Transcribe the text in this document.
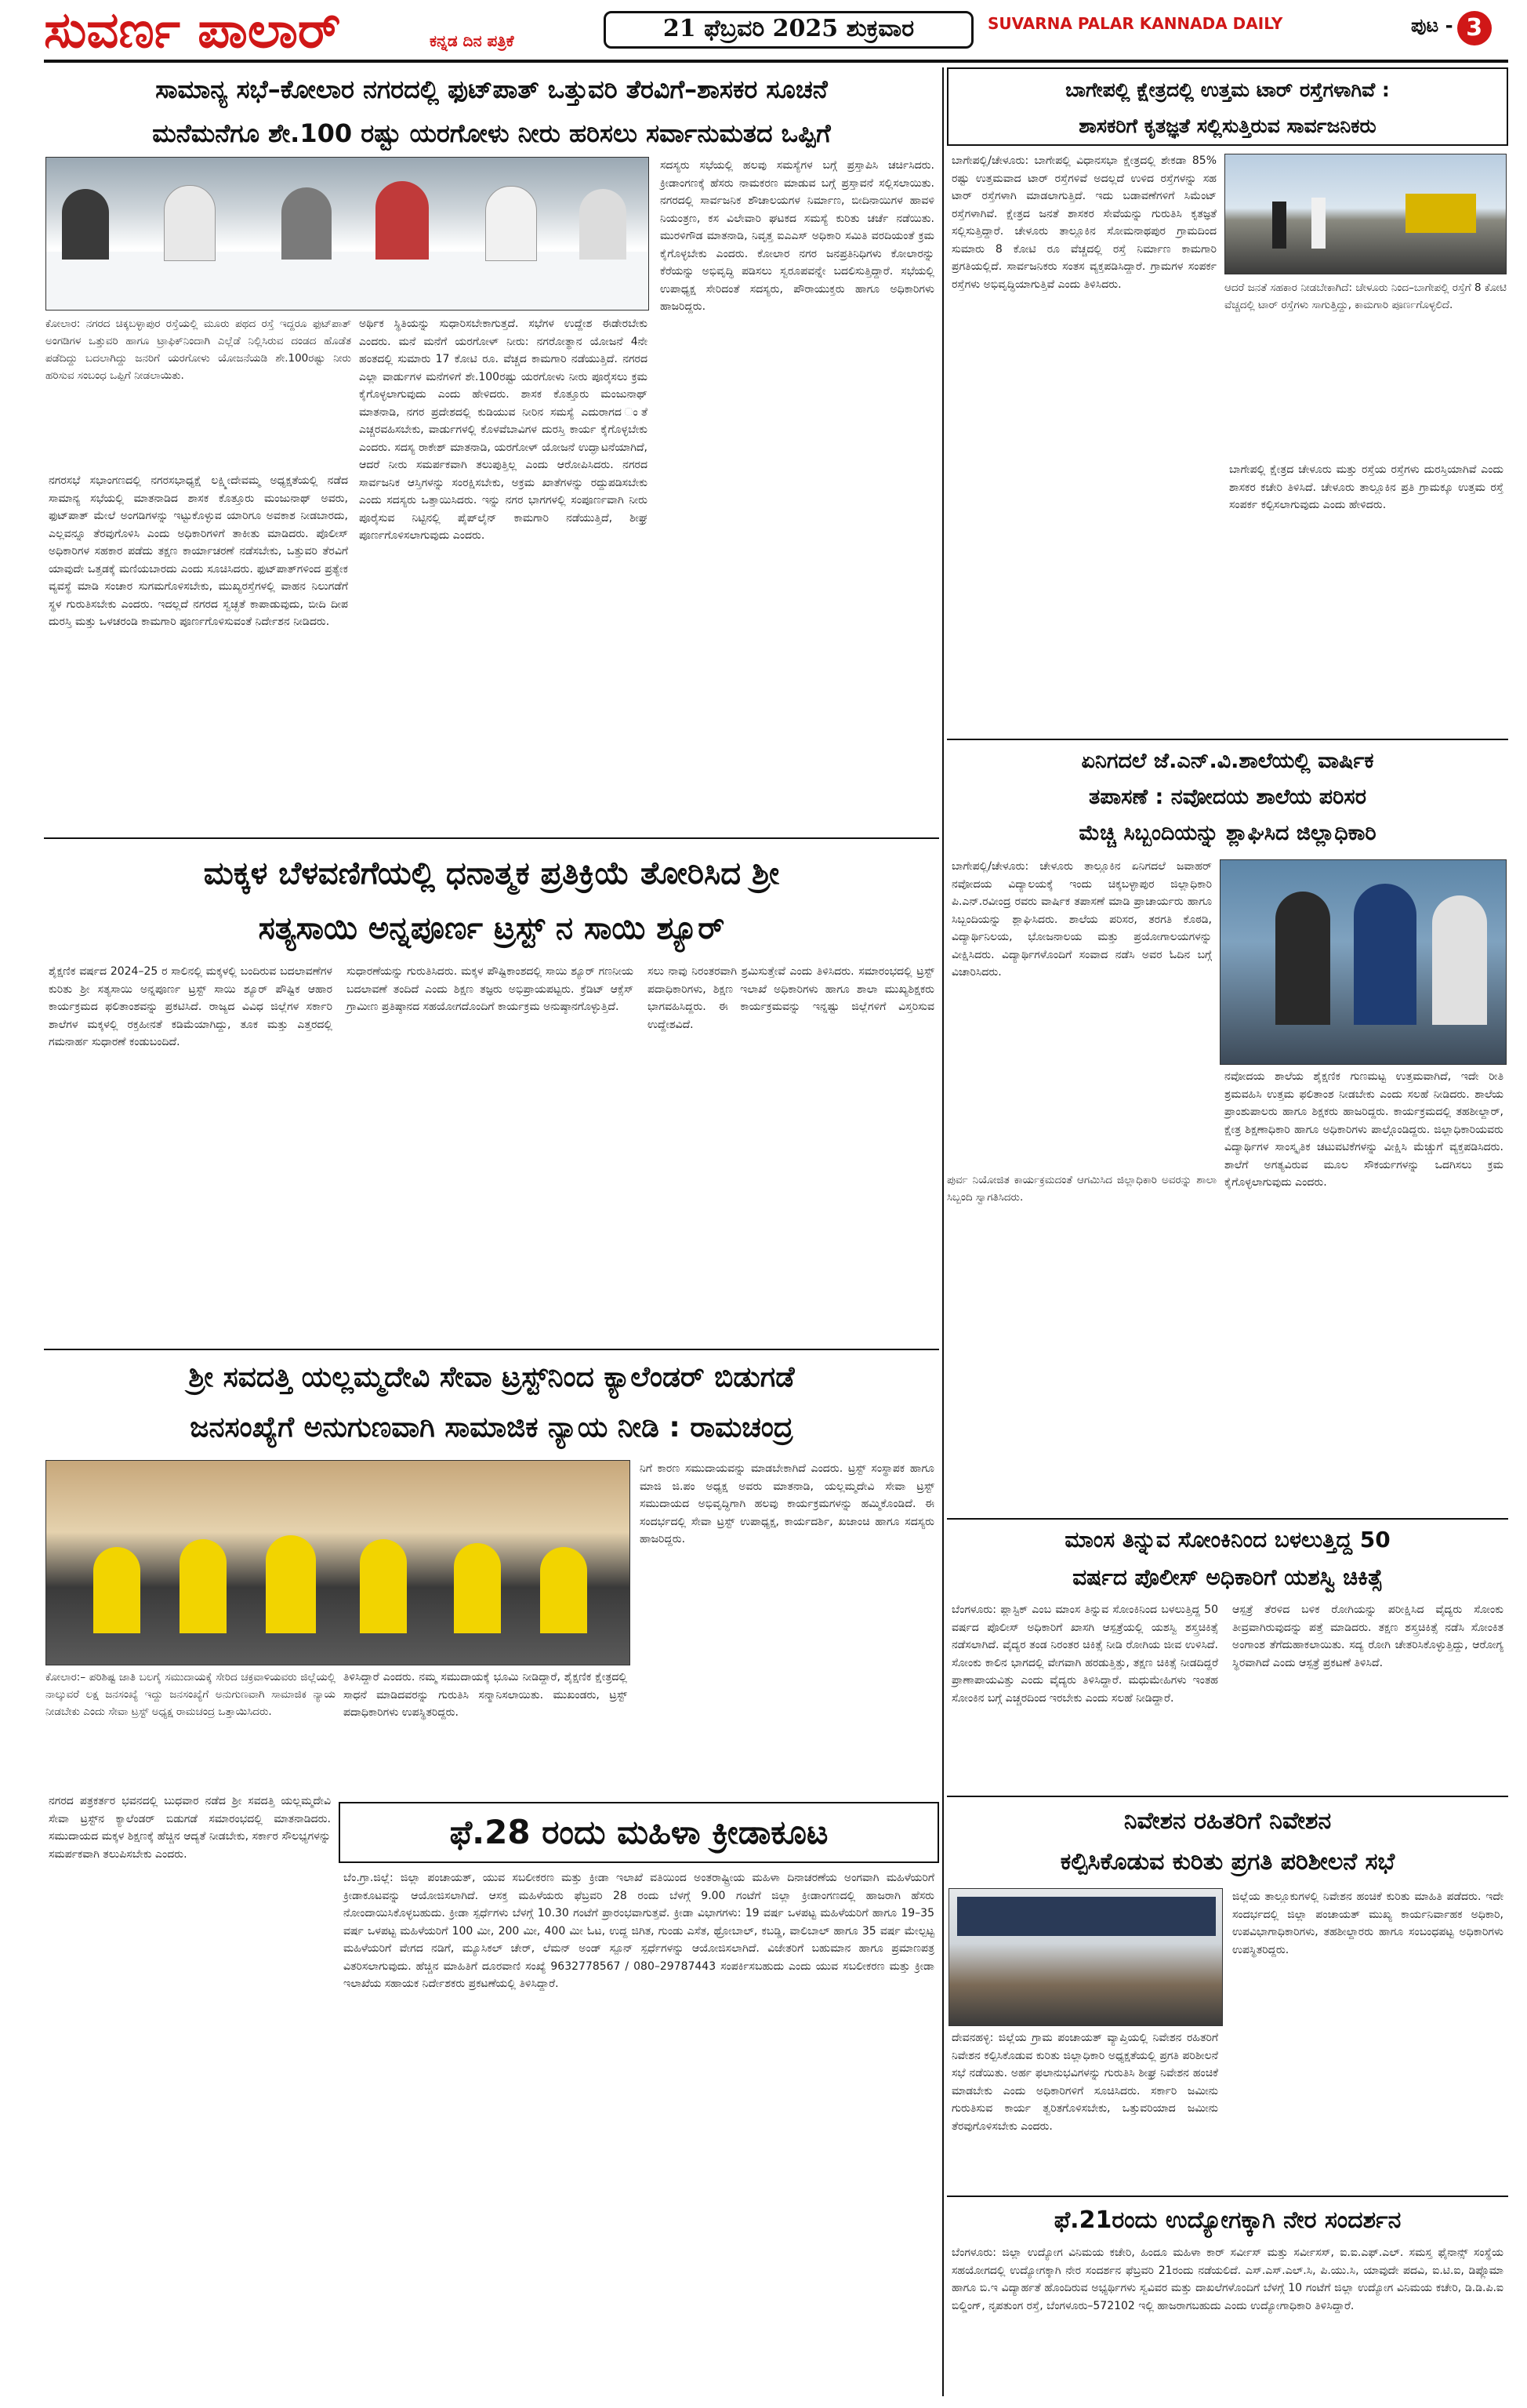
ಸುವರ್ಣ ಪಾಲಾರ್	ಕನ್ನಡ ದಿನ ಪತ್ರಿಕೆ	21 ಫೆಬ್ರವರಿ 2025 ಶುಕ್ರವಾರ	SUVARNA PALAR KANNADA DAILY	ಪುಟ - 3
ಸಾಮಾನ್ಯ ಸಭೆ–ಕೋಲಾರ ನಗರದಲ್ಲಿ ಫುಟ್‌ಪಾತ್ ಒತ್ತುವರಿ ತೆರವಿಗೆ–ಶಾಸಕರ ಸೂಚನೆ
ಮನೆಮನೆಗೂ ಶೇ.100 ರಷ್ಟು ಯರಗೋಳು ನೀರು ಹರಿಸಲು ಸರ್ವಾನುಮತದ ಒಪ್ಪಿಗೆ
ಸದಸ್ಯರು ಸಭೆಯಲ್ಲಿ ಹಲವು ಸಮಸ್ಯೆಗಳ ಬಗ್ಗೆ ಪ್ರಸ್ತಾಪಿಸಿ ಚರ್ಚಿಸಿದರು. ಕ್ರೀಡಾಂಗಣಕ್ಕೆ ಹೆಸರು ನಾಮಕರಣ ಮಾಡುವ ಬಗ್ಗೆ ಪ್ರಸ್ತಾವನೆ ಸಲ್ಲಿಸಲಾಯಿತು. ನಗರದಲ್ಲಿ ಸಾರ್ವಜನಿಕ ಶೌಚಾಲಯಗಳ ನಿರ್ಮಾಣ, ಬೀದಿನಾಯಿಗಳ ಹಾವಳಿ ನಿಯಂತ್ರಣ, ಕಸ ವಿಲೇವಾರಿ ಘಟಕದ ಸಮಸ್ಯೆ ಕುರಿತು ಚರ್ಚೆ ನಡೆಯಿತು. ಮುರಳಿಗೌಡ ಮಾತನಾಡಿ, ನಿವೃತ್ತ ಐಎಎಸ್ ಅಧಿಕಾರಿ ಸಮಿತಿ ವರದಿಯಂತೆ ಕ್ರಮ ಕೈಗೊಳ್ಳಬೇಕು ಎಂದರು. ಕೋಲಾರ ನಗರ ಜನಪ್ರತಿನಿಧಿಗಳು ಕೋಲಾರನ್ನು ಕೆರೆಯನ್ನು ಅಭಿವೃದ್ಧಿ ಪಡಿಸಲು ಸ್ವರೂಪವನ್ನೇ ಬದಲಿಸುತ್ತಿದ್ದಾರೆ. ಸಭೆಯಲ್ಲಿ ಉಪಾಧ್ಯಕ್ಷ ಸೇರಿದಂತೆ ಸದಸ್ಯರು, ಪೌರಾಯುಕ್ತರು ಹಾಗೂ ಅಧಿಕಾರಿಗಳು ಹಾಜರಿದ್ದರು.
ಕೋಲಾರ: ನಗರದ ಚಿಕ್ಕಬಳ್ಳಾಪುರ ರಸ್ತೆಯಲ್ಲಿ ಮೂರು ಪಥದ ರಸ್ತೆ ಇದ್ದರೂ ಫುಟ್‌ಪಾತ್ ಅಂಗಡಿಗಳ ಒತ್ತುವರಿ ಹಾಗೂ ಟ್ರಾಫಿಕ್‌ನಿಂದಾಗಿ ಎಲ್ಲೆಡೆ ನಿಲ್ಲಿಸಿರುವ ದಂಡದ ಹೊಡೆತ ಪಡೆದಿದ್ದು ಬದಲಾಗಿದ್ದು ಜನರಿಗೆ ಯರಗೋಳು ಯೋಜನೆಯಡಿ ಶೇ.100ರಷ್ಟು ನೀರು ಹರಿಸುವ ಸಂಬಂಧ ಒಪ್ಪಿಗೆ ನೀಡಲಾಯಿತು.
ನಗರಸಭೆ ಸಭಾಂಗಣದಲ್ಲಿ ನಗರಸಭಾಧ್ಯಕ್ಷೆ ಲಕ್ಷ್ಮೀದೇವಮ್ಮ ಅಧ್ಯಕ್ಷತೆಯಲ್ಲಿ ನಡೆದ ಸಾಮಾನ್ಯ ಸಭೆಯಲ್ಲಿ ಮಾತನಾಡಿದ ಶಾಸಕ ಕೊತ್ತೂರು ಮಂಜುನಾಥ್ ಅವರು, ಫುಟ್‌ಪಾತ್ ಮೇಲೆ ಅಂಗಡಿಗಳನ್ನು ಇಟ್ಟುಕೊಳ್ಳುವ ಯಾರಿಗೂ ಅವಕಾಶ ನೀಡಬಾರದು, ಎಲ್ಲವನ್ನೂ ತೆರವುಗೊಳಿಸಿ ಎಂದು ಅಧಿಕಾರಿಗಳಿಗೆ ತಾಕೀತು ಮಾಡಿದರು. ಪೊಲೀಸ್ ಅಧಿಕಾರಿಗಳ ಸಹಕಾರ ಪಡೆದು ತಕ್ಷಣ ಕಾರ್ಯಾಚರಣೆ ನಡೆಸಬೇಕು, ಒತ್ತುವರಿ ತೆರವಿಗೆ ಯಾವುದೇ ಒತ್ತಡಕ್ಕೆ ಮಣಿಯಬಾರದು ಎಂದು ಸೂಚಿಸಿದರು. ಫುಟ್‌ಪಾತ್‌ಗಳಿಂದ ಪ್ರತ್ಯೇಕ ವ್ಯವಸ್ಥೆ ಮಾಡಿ ಸಂಚಾರ ಸುಗಮಗೊಳಿಸಬೇಕು, ಮುಖ್ಯರಸ್ತೆಗಳಲ್ಲಿ ವಾಹನ ನಿಲುಗಡೆಗೆ ಸ್ಥಳ ಗುರುತಿಸಬೇಕು ಎಂದರು. ಇದಲ್ಲದೆ ನಗರದ ಸ್ವಚ್ಛತೆ ಕಾಪಾಡುವುದು, ಬೀದಿ ದೀಪ ದುರಸ್ತಿ ಮತ್ತು ಒಳಚರಂಡಿ ಕಾಮಗಾರಿ ಪೂರ್ಣಗೊಳಿಸುವಂತೆ ನಿರ್ದೇಶನ ನೀಡಿದರು.
ಅರ್ಥಿಕ ಸ್ಥಿತಿಯನ್ನು ಸುಧಾರಿಸಬೇಕಾಗುತ್ತದೆ. ಸಭೆಗಳ ಉದ್ದೇಶ ಈಡೇರಬೇಕು ಎಂದರು. ಮನೆ ಮನೆಗೆ ಯರಗೋಳ್ ನೀರು: ನಗರೋತ್ಥಾನ ಯೋಜನೆ 4ನೇ ಹಂತದಲ್ಲಿ ಸುಮಾರು 17 ಕೋಟಿ ರೂ. ವೆಚ್ಚದ ಕಾಮಗಾರಿ ನಡೆಯುತ್ತಿದೆ. ನಗರದ ಎಲ್ಲಾ ವಾರ್ಡುಗಳ ಮನೆಗಳಿಗೆ ಶೇ.100ರಷ್ಟು ಯರಗೋಳು ನೀರು ಪೂರೈಸಲು ಕ್ರಮ ಕೈಗೊಳ್ಳಲಾಗುವುದು ಎಂದು ಹೇಳಿದರು. ಶಾಸಕ ಕೊತ್ತೂರು ಮಂಜುನಾಥ್ ಮಾತನಾಡಿ, ನಗರ ಪ್ರದೇಶದಲ್ಲಿ ಕುಡಿಯುವ ನೀರಿನ ಸಮಸ್ಯೆ ಎದುರಾಗದ ಂತೆ ಎಚ್ಚರವಹಿಸಬೇಕು, ವಾರ್ಡುಗಳಲ್ಲಿ ಕೊಳವೆಬಾವಿಗಳ ದುರಸ್ತಿ ಕಾರ್ಯ ಕೈಗೊಳ್ಳಬೇಕು ಎಂದರು. ಸದಸ್ಯ ರಾಕೇಶ್ ಮಾತನಾಡಿ, ಯರಗೋಳ್ ಯೋಜನೆ ಉದ್ಘಾಟನೆಯಾಗಿದೆ, ಆದರೆ ನೀರು ಸಮರ್ಪಕವಾಗಿ ತಲುಪುತ್ತಿಲ್ಲ ಎಂದು ಆರೋಪಿಸಿದರು. ನಗರದ ಸಾರ್ವಜನಿಕ ಆಸ್ತಿಗಳನ್ನು ಸಂರಕ್ಷಿಸಬೇಕು, ಅಕ್ರಮ ಖಾತೆಗಳನ್ನು ರದ್ದುಪಡಿಸಬೇಕು ಎಂದು ಸದಸ್ಯರು ಒತ್ತಾಯಿಸಿದರು. ಇನ್ನು ನಗರ ಭಾಗಗಳಲ್ಲಿ ಸಂಪೂರ್ಣವಾಗಿ ನೀರು ಪೂರೈಸುವ ನಿಟ್ಟಿನಲ್ಲಿ ಪೈಪ್‌ಲೈನ್ ಕಾಮಗಾರಿ ನಡೆಯುತ್ತಿದೆ, ಶೀಘ್ರ ಪೂರ್ಣಗೊಳಿಸಲಾಗುವುದು ಎಂದರು.
ಬಾಗೇಪಲ್ಲಿ ಕ್ಷೇತ್ರದಲ್ಲಿ ಉತ್ತಮ ಟಾರ್ ರಸ್ತೆಗಳಾಗಿವೆ :
ಶಾಸಕರಿಗೆ ಕೃತಜ್ಞತೆ ಸಲ್ಲಿಸುತ್ತಿರುವ ಸಾರ್ವಜನಿಕರು
ಬಾಗೇಪಲ್ಲಿ/ಚೇಳೂರು: ಬಾಗೇಪಲ್ಲಿ ವಿಧಾನಸಭಾ ಕ್ಷೇತ್ರದಲ್ಲಿ ಶೇಕಡಾ 85% ರಷ್ಟು ಉತ್ತಮವಾದ ಟಾರ್ ರಸ್ತೆಗಳಿವೆ ಅದಲ್ಲದೆ ಉಳಿದ ರಸ್ತೆಗಳನ್ನು ಸಹ ಟಾರ್ ರಸ್ತೆಗಳಾಗಿ ಮಾಡಲಾಗುತ್ತಿದೆ. ಇದು ಬಡಾವಣೆಗಳಿಗೆ ಸಿಮೆಂಟ್ ರಸ್ತೆಗಳಾಗಿವೆ. ಕ್ಷೇತ್ರದ ಜನತೆ ಶಾಸಕರ ಸೇವೆಯನ್ನು ಗುರುತಿಸಿ ಕೃತಜ್ಞತೆ ಸಲ್ಲಿಸುತ್ತಿದ್ದಾರೆ. ಚೇಳೂರು ತಾಲ್ಲೂಕಿನ ಸೋಮನಾಥಪುರ ಗ್ರಾಮದಿಂದ ಸುಮಾರು 8 ಕೋಟಿ ರೂ ವೆಚ್ಚದಲ್ಲಿ ರಸ್ತೆ ನಿರ್ಮಾಣ ಕಾಮಗಾರಿ ಪ್ರಗತಿಯಲ್ಲಿದೆ. ಸಾರ್ವಜನಿಕರು ಸಂತಸ ವ್ಯಕ್ತಪಡಿಸಿದ್ದಾರೆ. ಗ್ರಾಮಗಳ ಸಂಪರ್ಕ ರಸ್ತೆಗಳು ಅಭಿವೃದ್ಧಿಯಾಗುತ್ತಿವೆ ಎಂದು ತಿಳಿಸಿದರು.	ಆದರೆ ಜನತೆ ಸಹಕಾರ ನೀಡಬೇಕಾಗಿದೆ: ಚೇಳೂರು ನಿಂದ–ಬಾಗೇಪಲ್ಲಿ ರಸ್ತೆಗೆ 8 ಕೋಟಿ ವೆಚ್ಚದಲ್ಲಿ ಟಾರ್ ರಸ್ತೆಗಳು ಸಾಗುತ್ತಿದ್ದು, ಕಾಮಗಾರಿ ಪೂರ್ಣಗೊಳ್ಳಲಿದೆ.
ಬಾಗೇಪಲ್ಲಿ ಕ್ಷೇತ್ರದ ಚೇಳೂರು ಮತ್ತು ರಸ್ತೆಯ ರಸ್ತೆಗಳು ದುರಸ್ತಿಯಾಗಿವೆ ಎಂದು ಶಾಸಕರ ಕಚೇರಿ ತಿಳಿಸಿದೆ. ಚೇಳೂರು ತಾಲ್ಲೂಕಿನ ಪ್ರತಿ ಗ್ರಾಮಕ್ಕೂ ಉತ್ತಮ ರಸ್ತೆ ಸಂಪರ್ಕ ಕಲ್ಪಿಸಲಾಗುವುದು ಎಂದು ಹೇಳಿದರು.
ಏನಿಗದಲೆ ಜೆ.ಎನ್.ವಿ.ಶಾಲೆಯಲ್ಲಿ ವಾರ್ಷಿಕ
ತಪಾಸಣೆ : ನವೋದಯ ಶಾಲೆಯ ಪರಿಸರ
ಮೆಚ್ಚಿ ಸಿಬ್ಬಂದಿಯನ್ನು ಶ್ಲಾಘಿಸಿದ ಜಿಲ್ಲಾಧಿಕಾರಿ
ಬಾಗೇಪಲ್ಲಿ/ಚೇಳೂರು: ಚೇಳೂರು ತಾಲ್ಲೂಕಿನ ಏನಿಗದಲೆ ಜವಾಹರ್ ನವೋದಯ ವಿದ್ಯಾಲಯಕ್ಕೆ ಇಂದು ಚಿಕ್ಕಬಳ್ಳಾಪುರ ಜಿಲ್ಲಾಧಿಕಾರಿ ಪಿ.ಎನ್.ರವೀಂದ್ರ ರವರು ವಾರ್ಷಿಕ ತಪಾಸಣೆ ಮಾಡಿ ಪ್ರಾಚಾರ್ಯರು ಹಾಗೂ ಸಿಬ್ಬಂದಿಯನ್ನು ಶ್ಲಾಘಿಸಿದರು. ಶಾಲೆಯ ಪರಿಸರ, ತರಗತಿ ಕೊಠಡಿ, ವಿದ್ಯಾರ್ಥಿನಿಲಯ, ಭೋಜನಾಲಯ ಮತ್ತು ಪ್ರಯೋಗಾಲಯಗಳನ್ನು ವೀಕ್ಷಿಸಿದರು. ವಿದ್ಯಾರ್ಥಿಗಳೊಂದಿಗೆ ಸಂವಾದ ನಡೆಸಿ ಅವರ ಓದಿನ ಬಗ್ಗೆ ವಿಚಾರಿಸಿದರು.
ಪುರ್ವ ನಿಯೋಜಿತ ಕಾರ್ಯಕ್ರಮದಂತೆ ಆಗಮಿಸಿದ ಜಿಲ್ಲಾಧಿಕಾರಿ ಅವರನ್ನು ಶಾಲಾ ಸಿಬ್ಬಂದಿ ಸ್ವಾಗತಿಸಿದರು.
ನವೋದಯ ಶಾಲೆಯ ಶೈಕ್ಷಣಿಕ ಗುಣಮಟ್ಟ ಉತ್ತಮವಾಗಿದೆ, ಇದೇ ರೀತಿ ಶ್ರಮವಹಿಸಿ ಉತ್ತಮ ಫಲಿತಾಂಶ ನೀಡಬೇಕು ಎಂದು ಸಲಹೆ ನೀಡಿದರು. ಶಾಲೆಯ ಪ್ರಾಂಶುಪಾಲರು ಹಾಗೂ ಶಿಕ್ಷಕರು ಹಾಜರಿದ್ದರು. ಕಾರ್ಯಕ್ರಮದಲ್ಲಿ ತಹಶೀಲ್ದಾರ್, ಕ್ಷೇತ್ರ ಶಿಕ್ಷಣಾಧಿಕಾರಿ ಹಾಗೂ ಅಧಿಕಾರಿಗಳು ಪಾಲ್ಗೊಂಡಿದ್ದರು. ಜಿಲ್ಲಾಧಿಕಾರಿಯವರು ವಿದ್ಯಾರ್ಥಿಗಳ ಸಾಂಸ್ಕೃತಿಕ ಚಟುವಟಿಕೆಗಳನ್ನು ವೀಕ್ಷಿಸಿ ಮೆಚ್ಚುಗೆ ವ್ಯಕ್ತಪಡಿಸಿದರು. ಶಾಲೆಗೆ ಅಗತ್ಯವಿರುವ ಮೂಲ ಸೌಕರ್ಯಗಳನ್ನು ಒದಗಿಸಲು ಕ್ರಮ ಕೈಗೊಳ್ಳಲಾಗುವುದು ಎಂದರು.
ಮಕ್ಕಳ ಬೆಳವಣಿಗೆಯಲ್ಲಿ ಧನಾತ್ಮಕ ಪ್ರತಿಕ್ರಿಯೆ ತೋರಿಸಿದ ಶ್ರೀ
ಸತ್ಯಸಾಯಿ ಅನ್ನಪೂರ್ಣ ಟ್ರಸ್ಟ್ ನ ಸಾಯಿ ಶ್ಯೂರ್
ಶೈಕ್ಷಣಿಕ ವರ್ಷದ 2024–25 ರ ಸಾಲಿನಲ್ಲಿ ಮಕ್ಕಳಲ್ಲಿ ಬಂದಿರುವ ಬದಲಾವಣೆಗಳ ಕುರಿತು ಶ್ರೀ ಸತ್ಯಸಾಯಿ ಅನ್ನಪೂರ್ಣ ಟ್ರಸ್ಟ್ ಸಾಯಿ ಶ್ಯೂರ್ ಪೌಷ್ಟಿಕ ಆಹಾರ ಕಾರ್ಯಕ್ರಮದ ಫಲಿತಾಂಶವನ್ನು ಪ್ರಕಟಿಸಿದೆ. ರಾಜ್ಯದ ವಿವಿಧ ಜಿಲ್ಲೆಗಳ ಸರ್ಕಾರಿ ಶಾಲೆಗಳ ಮಕ್ಕಳಲ್ಲಿ ರಕ್ತಹೀನತೆ ಕಡಿಮೆಯಾಗಿದ್ದು, ತೂಕ ಮತ್ತು ಎತ್ತರದಲ್ಲಿ ಗಮನಾರ್ಹ ಸುಧಾರಣೆ ಕಂಡುಬಂದಿದೆ.
ಸುಧಾರಣೆಯನ್ನು ಗುರುತಿಸಿದರು. ಮಕ್ಕಳ ಪೌಷ್ಟಿಕಾಂಶದಲ್ಲಿ ಸಾಯಿ ಶ್ಯೂರ್ ಗಣನೀಯ ಬದಲಾವಣೆ ತಂದಿದೆ ಎಂದು ಶಿಕ್ಷಣ ತಜ್ಞರು ಅಭಿಪ್ರಾಯಪಟ್ಟರು. ಕ್ರೆಡಿಟ್ ಆಕ್ಸೆಸ್ ಗ್ರಾಮೀಣ ಪ್ರತಿಷ್ಠಾನದ ಸಹಯೋಗದೊಂದಿಗೆ ಕಾರ್ಯಕ್ರಮ ಅನುಷ್ಠಾನಗೊಳ್ಳುತ್ತಿದೆ.
ಸಲು ನಾವು ನಿರಂತರವಾಗಿ ಶ್ರಮಿಸುತ್ತೇವೆ ಎಂದು ತಿಳಿಸಿದರು. ಸಮಾರಂಭದಲ್ಲಿ ಟ್ರಸ್ಟ್ ಪದಾಧಿಕಾರಿಗಳು, ಶಿಕ್ಷಣ ಇಲಾಖೆ ಅಧಿಕಾರಿಗಳು ಹಾಗೂ ಶಾಲಾ ಮುಖ್ಯಶಿಕ್ಷಕರು ಭಾಗವಹಿಸಿದ್ದರು. ಈ ಕಾರ್ಯಕ್ರಮವನ್ನು ಇನ್ನಷ್ಟು ಜಿಲ್ಲೆಗಳಿಗೆ ವಿಸ್ತರಿಸುವ ಉದ್ದೇಶವಿದೆ.
ಶ್ರೀ ಸವದತ್ತಿ ಯಲ್ಲಮ್ಮದೇವಿ ಸೇವಾ ಟ್ರಸ್ಟ್‌ನಿಂದ ಕ್ಯಾಲೆಂಡರ್ ಬಿಡುಗಡೆ
ಜನಸಂಖ್ಯೆಗೆ ಅನುಗುಣವಾಗಿ ಸಾಮಾಜಿಕ ನ್ಯಾಯ ನೀಡಿ : ರಾಮಚಂದ್ರ
ನಿಗೆ ಕಾರಣ ಸಮುದಾಯವನ್ನು ಮಾಡಬೇಕಾಗಿದೆ ಎಂದರು. ಟ್ರಸ್ಟ್ ಸಂಸ್ಥಾಪಕ ಹಾಗೂ ಮಾಜಿ ಜಿ.ಪಂ ಅಧ್ಯಕ್ಷ ಅವರು ಮಾತನಾಡಿ, ಯಲ್ಲಮ್ಮದೇವಿ ಸೇವಾ ಟ್ರಸ್ಟ್ ಸಮುದಾಯದ ಅಭಿವೃದ್ಧಿಗಾಗಿ ಹಲವು ಕಾರ್ಯಕ್ರಮಗಳನ್ನು ಹಮ್ಮಿಕೊಂಡಿದೆ. ಈ ಸಂದರ್ಭದಲ್ಲಿ ಸೇವಾ ಟ್ರಸ್ಟ್ ಉಪಾಧ್ಯಕ್ಷ, ಕಾರ್ಯದರ್ಶಿ, ಖಜಾಂಚಿ ಹಾಗೂ ಸದಸ್ಯರು ಹಾಜರಿದ್ದರು.
ಕೋಲಾರ:– ಪರಿಶಿಷ್ಟ ಜಾತಿ ಬಲಗೈ ಸಮುದಾಯಕ್ಕೆ ಸೇರಿದ ಚಕ್ರವಾಳಿಯವರು ಜಿಲ್ಲೆಯಲ್ಲಿ ನಾಲ್ಕುವರೆ ಲಕ್ಷ ಜನಸಂಖ್ಯೆ ಇದ್ದು ಜನಸಂಖ್ಯೆಗೆ ಅನುಗುಣವಾಗಿ ಸಾಮಾಜಿಕ ನ್ಯಾಯ ನೀಡಬೇಕು ಎಂದು ಸೇವಾ ಟ್ರಸ್ಟ್ ಅಧ್ಯಕ್ಷ ರಾಮಚಂದ್ರ ಒತ್ತಾಯಿಸಿದರು.
ತಿಳಿಸಿದ್ದಾರೆ ಎಂದರು. ನಮ್ಮ ಸಮುದಾಯಕ್ಕೆ ಭೂಮಿ ನೀಡಿದ್ದಾರೆ, ಶೈಕ್ಷಣಿಕ ಕ್ಷೇತ್ರದಲ್ಲಿ ಸಾಧನೆ ಮಾಡಿದವರನ್ನು ಗುರುತಿಸಿ ಸನ್ಮಾನಿಸಲಾಯಿತು. ಮುಖಂಡರು, ಟ್ರಸ್ಟ್ ಪದಾಧಿಕಾರಿಗಳು ಉಪಸ್ಥಿತರಿದ್ದರು.
ನಗರದ ಪತ್ರಕರ್ತರ ಭವನದಲ್ಲಿ ಬುಧವಾರ ನಡೆದ ಶ್ರೀ ಸವದತ್ತಿ ಯಲ್ಲಮ್ಮದೇವಿ ಸೇವಾ ಟ್ರಸ್ಟ್‌ನ ಕ್ಯಾಲೆಂಡರ್ ಬಿಡುಗಡೆ ಸಮಾರಂಭದಲ್ಲಿ ಮಾತನಾಡಿದರು. ಸಮುದಾಯದ ಮಕ್ಕಳ ಶಿಕ್ಷಣಕ್ಕೆ ಹೆಚ್ಚಿನ ಆದ್ಯತೆ ನೀಡಬೇಕು, ಸರ್ಕಾರ ಸೌಲಭ್ಯಗಳನ್ನು ಸಮರ್ಪಕವಾಗಿ ತಲುಪಿಸಬೇಕು ಎಂದರು.
ಫೆ.28 ರಂದು ಮಹಿಳಾ ಕ್ರೀಡಾಕೂಟ
ಬೆಂ.ಗ್ರಾ.ಜಿಲ್ಲೆ: ಜಿಲ್ಲಾ ಪಂಚಾಯತ್, ಯುವ ಸಬಲೀಕರಣ ಮತ್ತು ಕ್ರೀಡಾ ಇಲಾಖೆ ವತಿಯಿಂದ ಅಂತರಾಷ್ಟ್ರೀಯ ಮಹಿಳಾ ದಿನಾಚರಣೆಯ ಅಂಗವಾಗಿ ಮಹಿಳೆಯರಿಗೆ ಕ್ರೀಡಾಕೂಟವನ್ನು ಆಯೋಜಿಸಲಾಗಿದೆ. ಆಸಕ್ತ ಮಹಿಳೆಯರು ಫೆಬ್ರವರಿ 28 ರಂದು ಬೆಳಗ್ಗೆ 9.00 ಗಂಟೆಗೆ ಜಿಲ್ಲಾ ಕ್ರೀಡಾಂಗಣದಲ್ಲಿ ಹಾಜರಾಗಿ ಹೆಸರು ನೋಂದಾಯಿಸಿಕೊಳ್ಳಬಹುದು. ಕ್ರೀಡಾ ಸ್ಪರ್ಧೆಗಳು ಬೆಳಗ್ಗೆ 10.30 ಗಂಟೆಗೆ ಪ್ರಾರಂಭವಾಗುತ್ತವೆ. ಕ್ರೀಡಾ ವಿಭಾಗಗಳು: 19 ವರ್ಷ ಒಳಪಟ್ಟ ಮಹಿಳೆಯರಿಗೆ ಹಾಗೂ 19–35 ವರ್ಷ ಒಳಪಟ್ಟ ಮಹಿಳೆಯರಿಗೆ 100 ಮೀ, 200 ಮೀ, 400 ಮೀ ಓಟ, ಉದ್ದ ಜಿಗಿತ, ಗುಂಡು ಎಸೆತ, ಥ್ರೋಬಾಲ್, ಕಬಡ್ಡಿ, ವಾಲಿಬಾಲ್ ಹಾಗೂ 35 ವರ್ಷ ಮೇಲ್ಪಟ್ಟ ಮಹಿಳೆಯರಿಗೆ ವೇಗದ ನಡಿಗೆ, ಮ್ಯೂಸಿಕಲ್ ಚೇರ್, ಲೆಮನ್ ಅಂಡ್ ಸ್ಪೂನ್ ಸ್ಪರ್ಧೆಗಳನ್ನು ಆಯೋಜಿಸಲಾಗಿದೆ. ವಿಜೇತರಿಗೆ ಬಹುಮಾನ ಹಾಗೂ ಪ್ರಮಾಣಪತ್ರ ವಿತರಿಸಲಾಗುವುದು. ಹೆಚ್ಚಿನ ಮಾಹಿತಿಗೆ ದೂರವಾಣಿ ಸಂಖ್ಯೆ 9632778567 / 080–29787443 ಸಂಪರ್ಕಿಸಬಹುದು ಎಂದು ಯುವ ಸಬಲೀಕರಣ ಮತ್ತು ಕ್ರೀಡಾ ಇಲಾಖೆಯ ಸಹಾಯಕ ನಿರ್ದೇಶಕರು ಪ್ರಕಟಣೆಯಲ್ಲಿ ತಿಳಿಸಿದ್ದಾರೆ.
ನಿವೇಶನ ರಹಿತರಿಗೆ ನಿವೇಶನ
ಕಲ್ಪಿಸಿಕೊಡುವ ಕುರಿತು ಪ್ರಗತಿ ಪರಿಶೀಲನೆ ಸಭೆ
ಜಿಲ್ಲೆಯ ತಾಲ್ಲೂಕುಗಳಲ್ಲಿ ನಿವೇಶನ ಹಂಚಿಕೆ ಕುರಿತು ಮಾಹಿತಿ ಪಡೆದರು. ಇದೇ ಸಂದರ್ಭದಲ್ಲಿ ಜಿಲ್ಲಾ ಪಂಚಾಯತ್ ಮುಖ್ಯ ಕಾರ್ಯನಿರ್ವಾಹಕ ಅಧಿಕಾರಿ, ಉಪವಿಭಾಗಾಧಿಕಾರಿಗಳು, ತಹಶೀಲ್ದಾರರು ಹಾಗೂ ಸಂಬಂಧಪಟ್ಟ ಅಧಿಕಾರಿಗಳು ಉಪಸ್ಥಿತರಿದ್ದರು.
ದೇವನಹಳ್ಳಿ: ಜಿಲ್ಲೆಯ ಗ್ರಾಮ ಪಂಚಾಯತ್ ವ್ಯಾಪ್ತಿಯಲ್ಲಿ ನಿವೇಶನ ರಹಿತರಿಗೆ ನಿವೇಶನ ಕಲ್ಪಿಸಿಕೊಡುವ ಕುರಿತು ಜಿಲ್ಲಾಧಿಕಾರಿ ಅಧ್ಯಕ್ಷತೆಯಲ್ಲಿ ಪ್ರಗತಿ ಪರಿಶೀಲನೆ ಸಭೆ ನಡೆಯಿತು. ಅರ್ಹ ಫಲಾನುಭವಿಗಳನ್ನು ಗುರುತಿಸಿ ಶೀಘ್ರ ನಿವೇಶನ ಹಂಚಿಕೆ ಮಾಡಬೇಕು ಎಂದು ಅಧಿಕಾರಿಗಳಿಗೆ ಸೂಚಿಸಿದರು. ಸರ್ಕಾರಿ ಜಮೀನು ಗುರುತಿಸುವ ಕಾರ್ಯ ತ್ವರಿತಗೊಳಿಸಬೇಕು, ಒತ್ತುವರಿಯಾದ ಜಮೀನು ತೆರವುಗೊಳಿಸಬೇಕು ಎಂದರು.
ಫೆ.21ರಂದು ಉದ್ಯೋಗಕ್ಕಾಗಿ ನೇರ ಸಂದರ್ಶನ
ಬೆಂಗಳೂರು: ಜಿಲ್ಲಾ ಉದ್ಯೋಗ ವಿನಿಮಯ ಕಚೇರಿ, ಹಿಂದೂ ಮಹಿಳಾ ಕಾರ್ ಸರ್ವೀಸ್ ಮತ್ತು ಸರ್ವೀಸಸ್, ಐ.ಐ.ಎಫ್.ಎಲ್. ಸಮಸ್ತ ಫೈನಾನ್ಸ್ ಸಂಸ್ಥೆಯ ಸಹಯೋಗದಲ್ಲಿ ಉದ್ಯೋಗಕ್ಕಾಗಿ ನೇರ ಸಂದರ್ಶನ ಫೆಬ್ರವರಿ 21ರಂದು ನಡೆಯಲಿದೆ. ಎಸ್.ಎಸ್.ಎಲ್.ಸಿ, ಪಿ.ಯು.ಸಿ, ಯಾವುದೇ ಪದವಿ, ಐ.ಟಿ.ಐ, ಡಿಪ್ಲೊಮಾ ಹಾಗೂ ಬಿ.ಇ ವಿದ್ಯಾರ್ಹತೆ ಹೊಂದಿರುವ ಅಭ್ಯರ್ಥಿಗಳು ಸ್ವವಿವರ ಮತ್ತು ದಾಖಲೆಗಳೊಂದಿಗೆ ಬೆಳಗ್ಗೆ 10 ಗಂಟೆಗೆ ಜಿಲ್ಲಾ ಉದ್ಯೋಗ ವಿನಿಮಯ ಕಚೇರಿ, ಡಿ.ಡಿ.ಪಿ.ಐ ಬಿಲ್ಡಿಂಗ್, ನೃಪತುಂಗ ರಸ್ತೆ, ಬೆಂಗಳೂರು–572102 ಇಲ್ಲಿ ಹಾಜರಾಗಬಹುದು ಎಂದು ಉದ್ಯೋಗಾಧಿಕಾರಿ ತಿಳಿಸಿದ್ದಾರೆ.
ಮಾಂಸ ತಿನ್ನುವ ಸೋಂಕಿನಿಂದ ಬಳಲುತ್ತಿದ್ದ 50
ವರ್ಷದ ಪೊಲೀಸ್ ಅಧಿಕಾರಿಗೆ ಯಶಸ್ವಿ ಚಿಕಿತ್ಸೆ
ಬೆಂಗಳೂರು: ಪ್ಲಾಸ್ಟಿಕ್ ಎಂಬ ಮಾಂಸ ತಿನ್ನುವ ಸೋಂಕಿನಿಂದ ಬಳಲುತ್ತಿದ್ದ 50 ವರ್ಷದ ಪೊಲೀಸ್ ಅಧಿಕಾರಿಗೆ ಖಾಸಗಿ ಆಸ್ಪತ್ರೆಯಲ್ಲಿ ಯಶಸ್ವಿ ಶಸ್ತ್ರಚಿಕಿತ್ಸೆ ನಡೆಸಲಾಗಿದೆ. ವೈದ್ಯರ ತಂಡ ನಿರಂತರ ಚಿಕಿತ್ಸೆ ನೀಡಿ ರೋಗಿಯ ಜೀವ ಉಳಿಸಿದೆ. ಸೋಂಕು ಕಾಲಿನ ಭಾಗದಲ್ಲಿ ವೇಗವಾಗಿ ಹರಡುತ್ತಿತ್ತು, ತಕ್ಷಣ ಚಿಕಿತ್ಸೆ ನೀಡದಿದ್ದರೆ ಪ್ರಾಣಾಪಾಯವಿತ್ತು ಎಂದು ವೈದ್ಯರು ತಿಳಿಸಿದ್ದಾರೆ. ಮಧುಮೇಹಿಗಳು ಇಂತಹ ಸೋಂಕಿನ ಬಗ್ಗೆ ಎಚ್ಚರದಿಂದ ಇರಬೇಕು ಎಂದು ಸಲಹೆ ನೀಡಿದ್ದಾರೆ.
ಆಸ್ಪತ್ರೆ ತೆರಳಿದ ಬಳಿಕ ರೋಗಿಯನ್ನು ಪರೀಕ್ಷಿಸಿದ ವೈದ್ಯರು ಸೋಂಕು ತೀವ್ರವಾಗಿರುವುದನ್ನು ಪತ್ತೆ ಮಾಡಿದರು. ತಕ್ಷಣ ಶಸ್ತ್ರಚಿಕಿತ್ಸೆ ನಡೆಸಿ ಸೋಂಕಿತ ಅಂಗಾಂಶ ತೆಗೆದುಹಾಕಲಾಯಿತು. ಸದ್ಯ ರೋಗಿ ಚೇತರಿಸಿಕೊಳ್ಳುತ್ತಿದ್ದು, ಆರೋಗ್ಯ ಸ್ಥಿರವಾಗಿದೆ ಎಂದು ಆಸ್ಪತ್ರೆ ಪ್ರಕಟಣೆ ತಿಳಿಸಿದೆ.
